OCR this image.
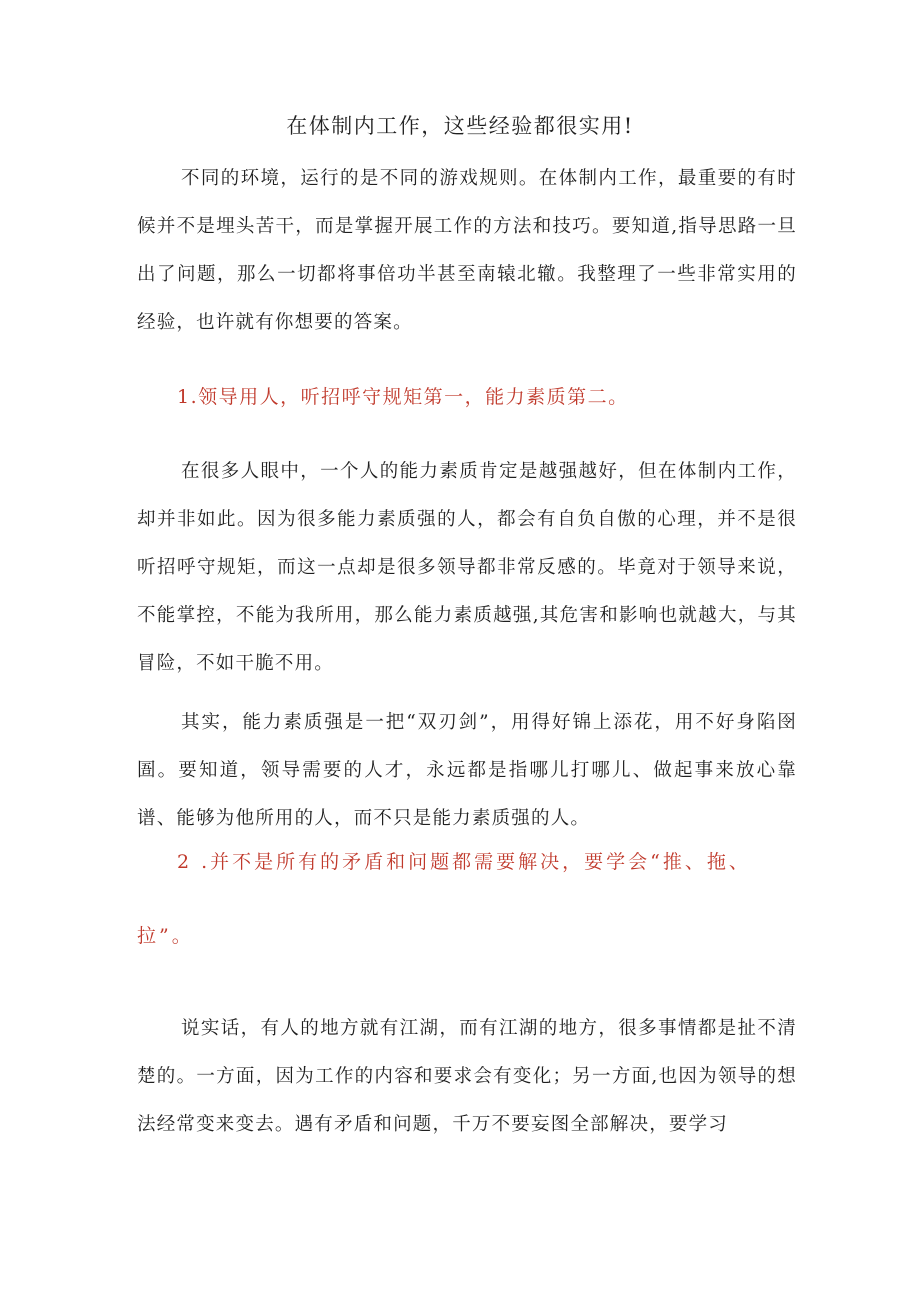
在体制内工作，这些经验都很实用!

不同的环境，运行的是不同的游戏规则。在体制内工作，最重要的有时候并不是埋头苦干，而是掌握开展工作的方法和技巧。要知道,指导思路一旦出了问题，那么一切都将事倍功半甚至南辕北辙。我整理了一些非常实用的经验，也许就有你想要的答案。

1.领导用人，听招呼守规矩第一，能力素质第二。

在很多人眼中，一个人的能力素质肯定是越强越好，但在体制内工作，却并非如此。因为很多能力素质强的人，都会有自负自傲的心理，并不是很听招呼守规矩，而这一点却是很多领导都非常反感的。毕竟对于领导来说，不能掌控，不能为我所用，那么能力素质越强,其危害和影响也就越大，与其冒险，不如干脆不用。

其实，能力素质强是一把“双刃剑”，用得好锦上添花，用不好身陷囹圄。要知道，领导需要的人才，永远都是指哪儿打哪儿、做起事来放心靠谱、能够为他所用的人，而不只是能力素质强的人。

2 .并不是所有的矛盾和问题都需要解决，要学会“推、拖、拉”。

说实话，有人的地方就有江湖，而有江湖的地方，很多事情都是扯不清楚的。一方面，因为工作的内容和要求会有变化；另一方面,也因为领导的想法经常变来变去。遇有矛盾和问题，千万不要妄图全部解决，要学习
